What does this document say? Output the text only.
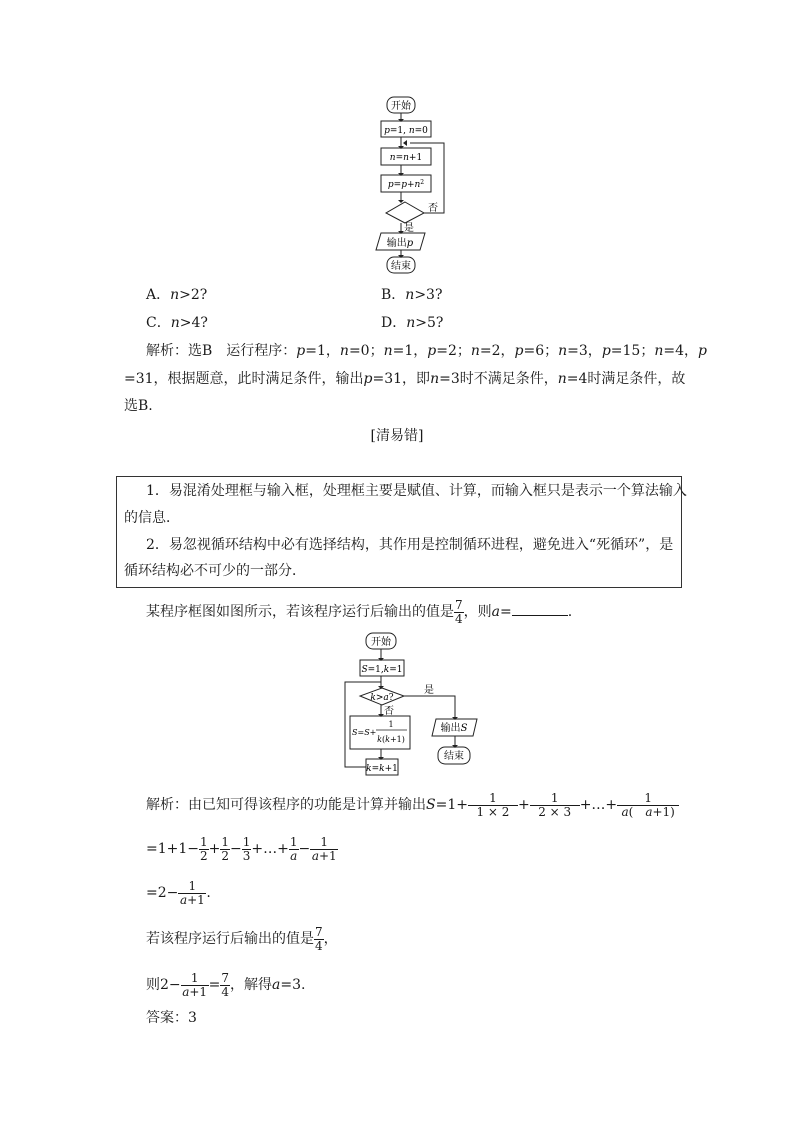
开始
p=1, n=0
n=n+1
$p=p+n^2$
否
是
输出p
结束
A．n>2?	B．n>3?
C．n>4?	D．n>5?
解析：选B　运行程序：p=1，n=0；n=1，p=2；n=2，p=6；n=3，p=15；n=4，p
=31，根据题意，此时满足条件，输出p=31，即n=3时不满足条件，n=4时满足条件，故
选B.
[清易错]
1．易混淆处理框与输入框，处理框主要是赋值、计算，而输入框只是表示一个算法输入
的信息．
2．易忽视循环结构中必有选择结构，其作用是控制循环进程，避免进入“死循环”，是
循环结构必不可少的一部分．
某程序框图如图所示，若该程序运行后输出的值是 $\frac{7}{4}$ ，则a=	.
开始
S=1,k=1
k>a?
是
否
S=S+
1
k(k+1)
k=k+1
输出S
结束
解析：由已知可得该程序的功能是计算并输出$S=1+ \frac{1}{1 \times 2} + \frac{1}{2 \times 3}$ +…+ $\frac{1}{a( a+1)}$
$=1+1- \frac{1}{2} + \frac{1}{2} - \frac{1}{3}$ +…+ $\frac{1}{a} - \frac{1}{a+1}$
$=2- \frac{1}{a+1}$ .
若该程序运行后输出的值是 $\frac{7}{4}$ ，
则$2- \frac{1}{a+1} = \frac{7}{4}$ ，解得a=3.
答案：3
